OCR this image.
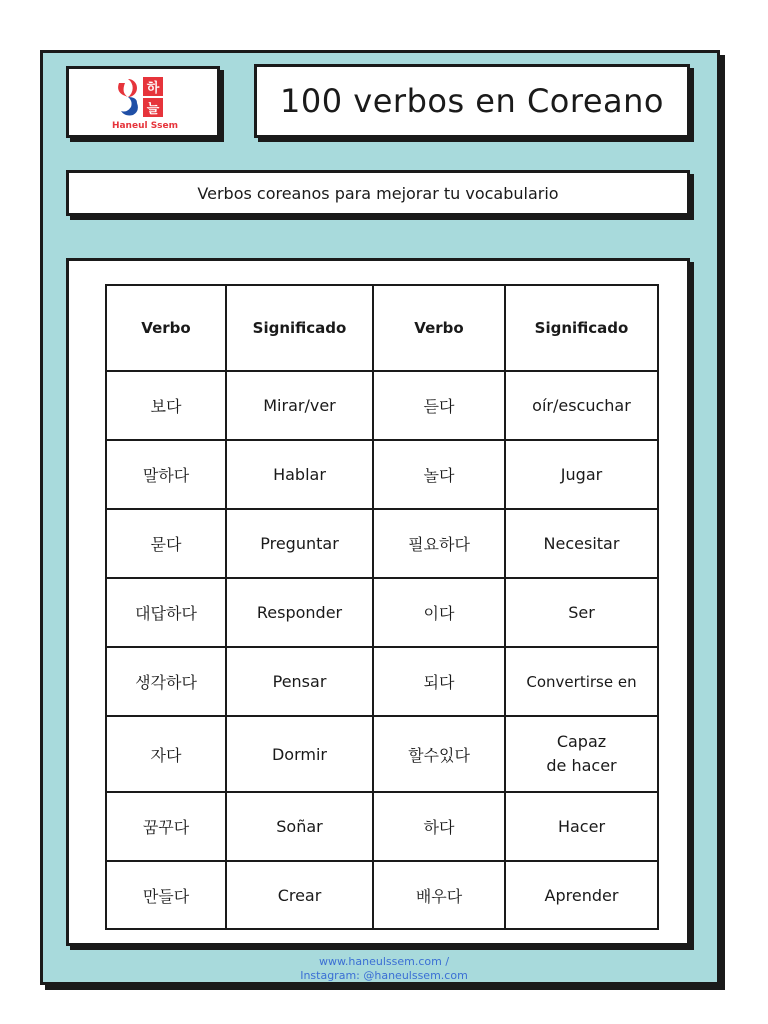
하
늘
Haneul Ssem
100 verbos en Coreano
Verbos coreanos para mejorar tu vocabulario
Verbo	Significado	Verbo	Significado
보다	Mirar/ver	듣다	oír/escuchar
말하다	Hablar	놀다	Jugar
묻다	Preguntar	필요하다	Necesitar
대답하다	Responder	이다	Ser
생각하다	Pensar	되다	Convertirse en
자다	Dormir	할수있다	Capaz
de hacer
꿈꾸다	Soñar	하다	Hacer
만들다	Crear	배우다	Aprender
www.haneulssem.com /
Instagram: @haneulssem.com
